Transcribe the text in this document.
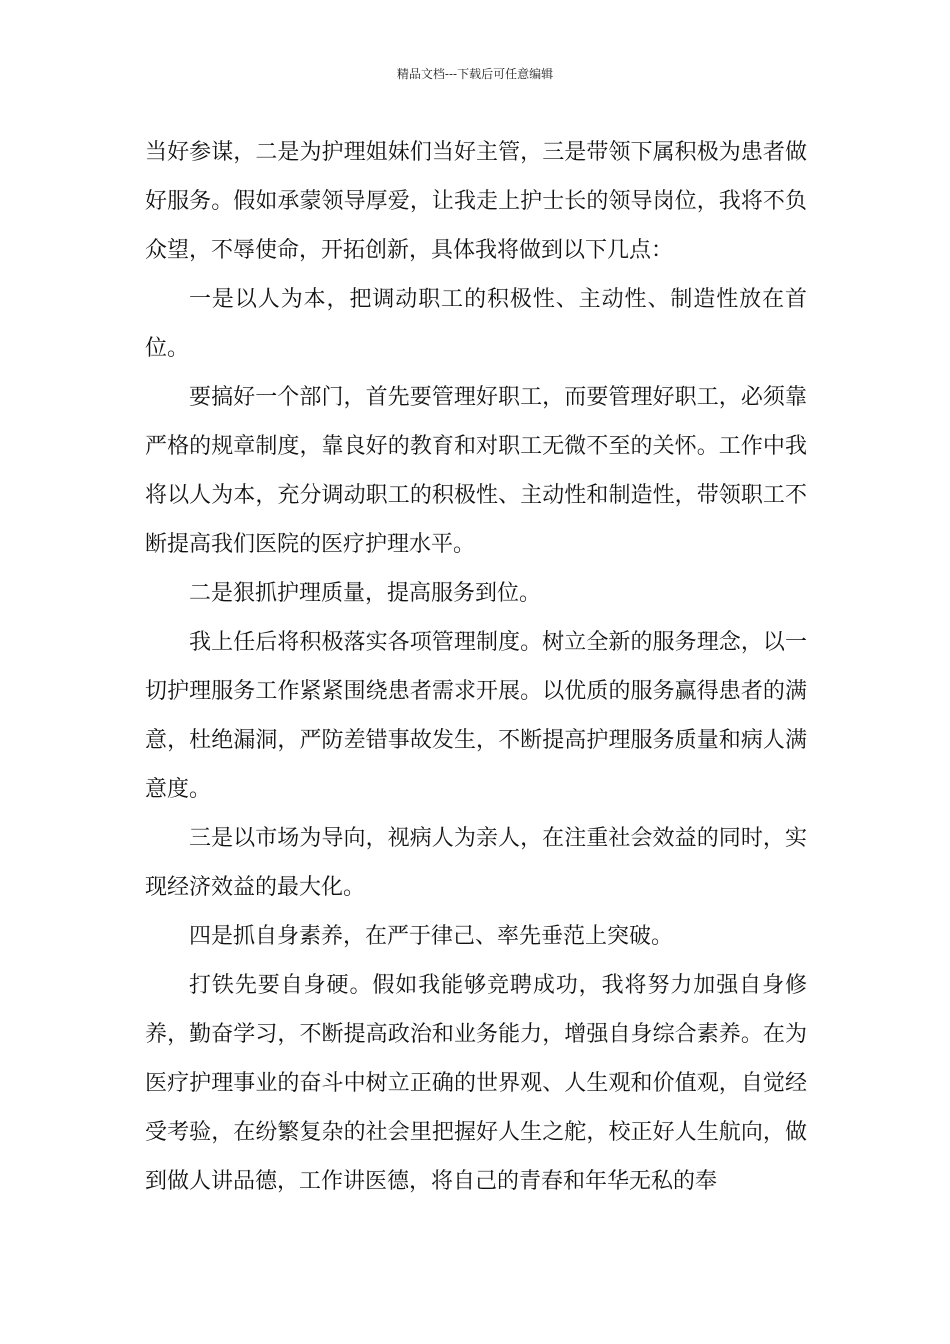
精品文档---下载后可任意编辑

当好参谋，二是为护理姐妹们当好主管，三是带领下属积极为患者做好服务。假如承蒙领导厚爱，让我走上护士长的领导岗位，我将不负众望，不辱使命，开拓创新，具体我将做到以下几点：

一是以人为本，把调动职工的积极性、主动性、制造性放在首位。

要搞好一个部门，首先要管理好职工，而要管理好职工，必须靠严格的规章制度，靠良好的教育和对职工无微不至的关怀。工作中我将以人为本，充分调动职工的积极性、主动性和制造性，带领职工不断提高我们医院的医疗护理水平。

二是狠抓护理质量，提高服务到位。

我上任后将积极落实各项管理制度。树立全新的服务理念，以一切护理服务工作紧紧围绕患者需求开展。以优质的服务赢得患者的满意，杜绝漏洞，严防差错事故发生，不断提高护理服务质量和病人满意度。

三是以市场为导向，视病人为亲人，在注重社会效益的同时，实现经济效益的最大化。

四是抓自身素养，在严于律己、率先垂范上突破。

打铁先要自身硬。假如我能够竞聘成功，我将努力加强自身修养，勤奋学习，不断提高政治和业务能力，增强自身综合素养。在为医疗护理事业的奋斗中树立正确的世界观、人生观和价值观，自觉经受考验，在纷繁复杂的社会里把握好人生之舵，校正好人生航向，做到做人讲品德，工作讲医德，将自己的青春和年华无私的奉
